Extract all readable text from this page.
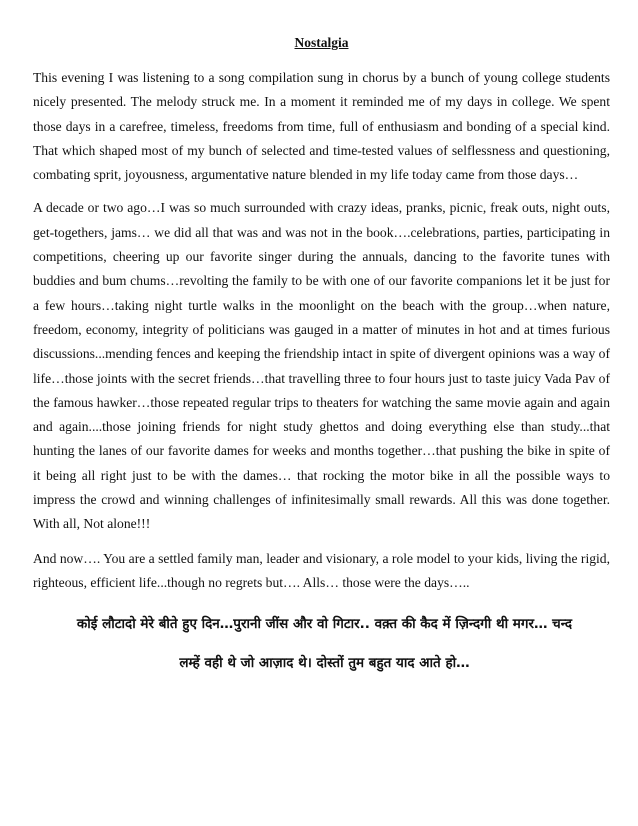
Nostalgia

This evening I was listening to a song compilation sung in chorus by a bunch of young college students nicely presented. The melody struck me. In a moment it reminded me of my days in college. We spent those days in a carefree, timeless, freedoms from time, full of enthusiasm and bonding of a special kind. That which shaped most of my bunch of selected and time-tested values of selflessness and questioning, combating sprit, joyousness, argumentative nature blended in my life today came from those days…

A decade or two ago…I was so much surrounded with crazy ideas, pranks, picnic, freak outs, night outs, get-togethers, jams… we did all that was and was not in the book….celebrations, parties, participating in competitions, cheering up our favorite singer during the annuals, dancing to the favorite tunes with buddies and bum chums…revolting the family to be with one of our favorite companions let it be just for a few hours…taking night turtle walks in the moonlight on the beach with the group…when nature, freedom, economy, integrity of politicians was gauged in a matter of minutes in hot and at times furious discussions...mending fences and keeping the friendship intact in spite of divergent opinions was a way of life…those joints with the secret friends…that travelling three to four hours just to taste juicy Vada Pav of the famous hawker…those repeated regular trips to theaters for watching the same movie again and again and again....those joining friends for night study ghettos and doing everything else than study...that hunting the lanes of our favorite dames for weeks and months together…that pushing the bike in spite of it being all right just to be with the dames… that rocking the motor bike in all the possible ways to impress the crowd and winning challenges of infinitesimally small rewards. All this was done together. With all, Not alone!!!

And now…. You are a settled family man, leader and visionary, a role model to your kids, living the rigid, righteous, efficient life...though no regrets but…. Alls… those were the days…..

कोई लौटादो मेरे बीते हुए दिन…पुरानी जींस और वो गिटार.. वक़्त की कैद में ज़िन्दगी थी मगर… चन्द
लम्हें वही थे जो आज़ाद थे। दोस्तों तुम बहुत याद आते हो…
